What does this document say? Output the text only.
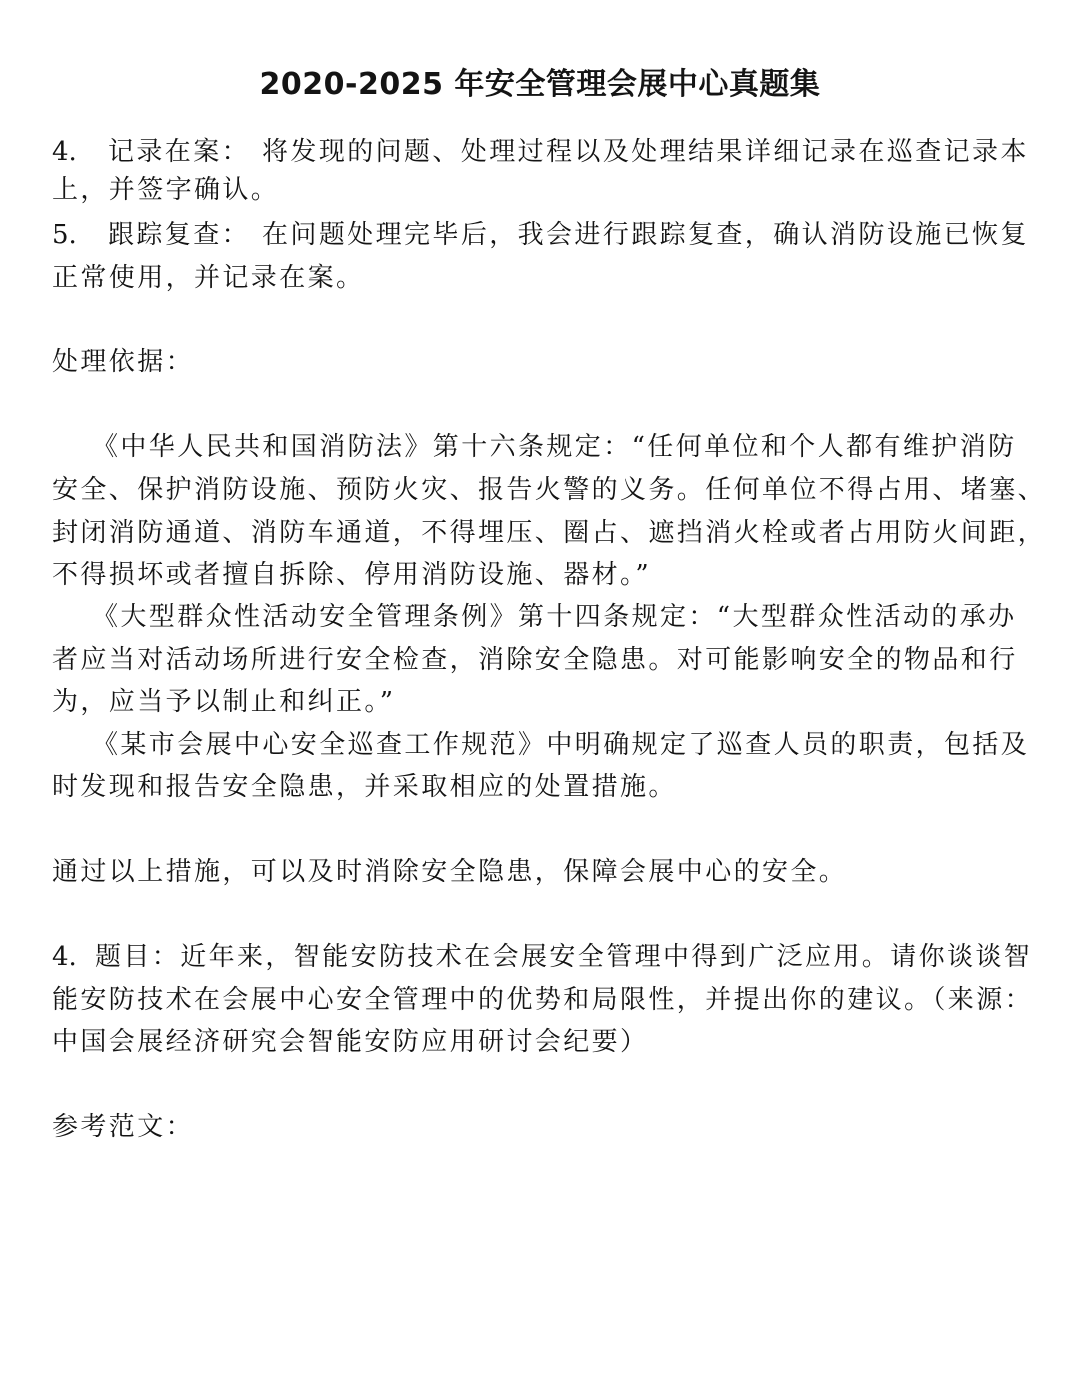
2020-2025 年安全管理会展中心真题集
4. 记录在案： 将发现的问题、处理过程以及处理结果详细记录在巡查记录本
上，并签字确认。
5. 跟踪复查： 在问题处理完毕后，我会进行跟踪复查，确认消防设施已恢复
正常使用，并记录在案。
处理依据：
《中华人民共和国消防法》第十六条规定：“任何单位和个人都有维护消防
安全、保护消防设施、预防火灾、报告火警的义务。任何单位不得占用、堵塞、
封闭消防通道、消防车通道，不得埋压、圈占、遮挡消火栓或者占用防火间距，
不得损坏或者擅自拆除、停用消防设施、器材。”
《大型群众性活动安全管理条例》第十四条规定：“大型群众性活动的承办
者应当对活动场所进行安全检查，消除安全隐患。对可能影响安全的物品和行
为，应当予以制止和纠正。”
《某市会展中心安全巡查工作规范》中明确规定了巡查人员的职责，包括及
时发现和报告安全隐患，并采取相应的处置措施。
通过以上措施，可以及时消除安全隐患，保障会展中心的安全。
4. 题目：近年来，智能安防技术在会展安全管理中得到广泛应用。请你谈谈智
能安防技术在会展中心安全管理中的优势和局限性，并提出你的建议。（来源：
中国会展经济研究会智能安防应用研讨会纪要）
参考范文：
